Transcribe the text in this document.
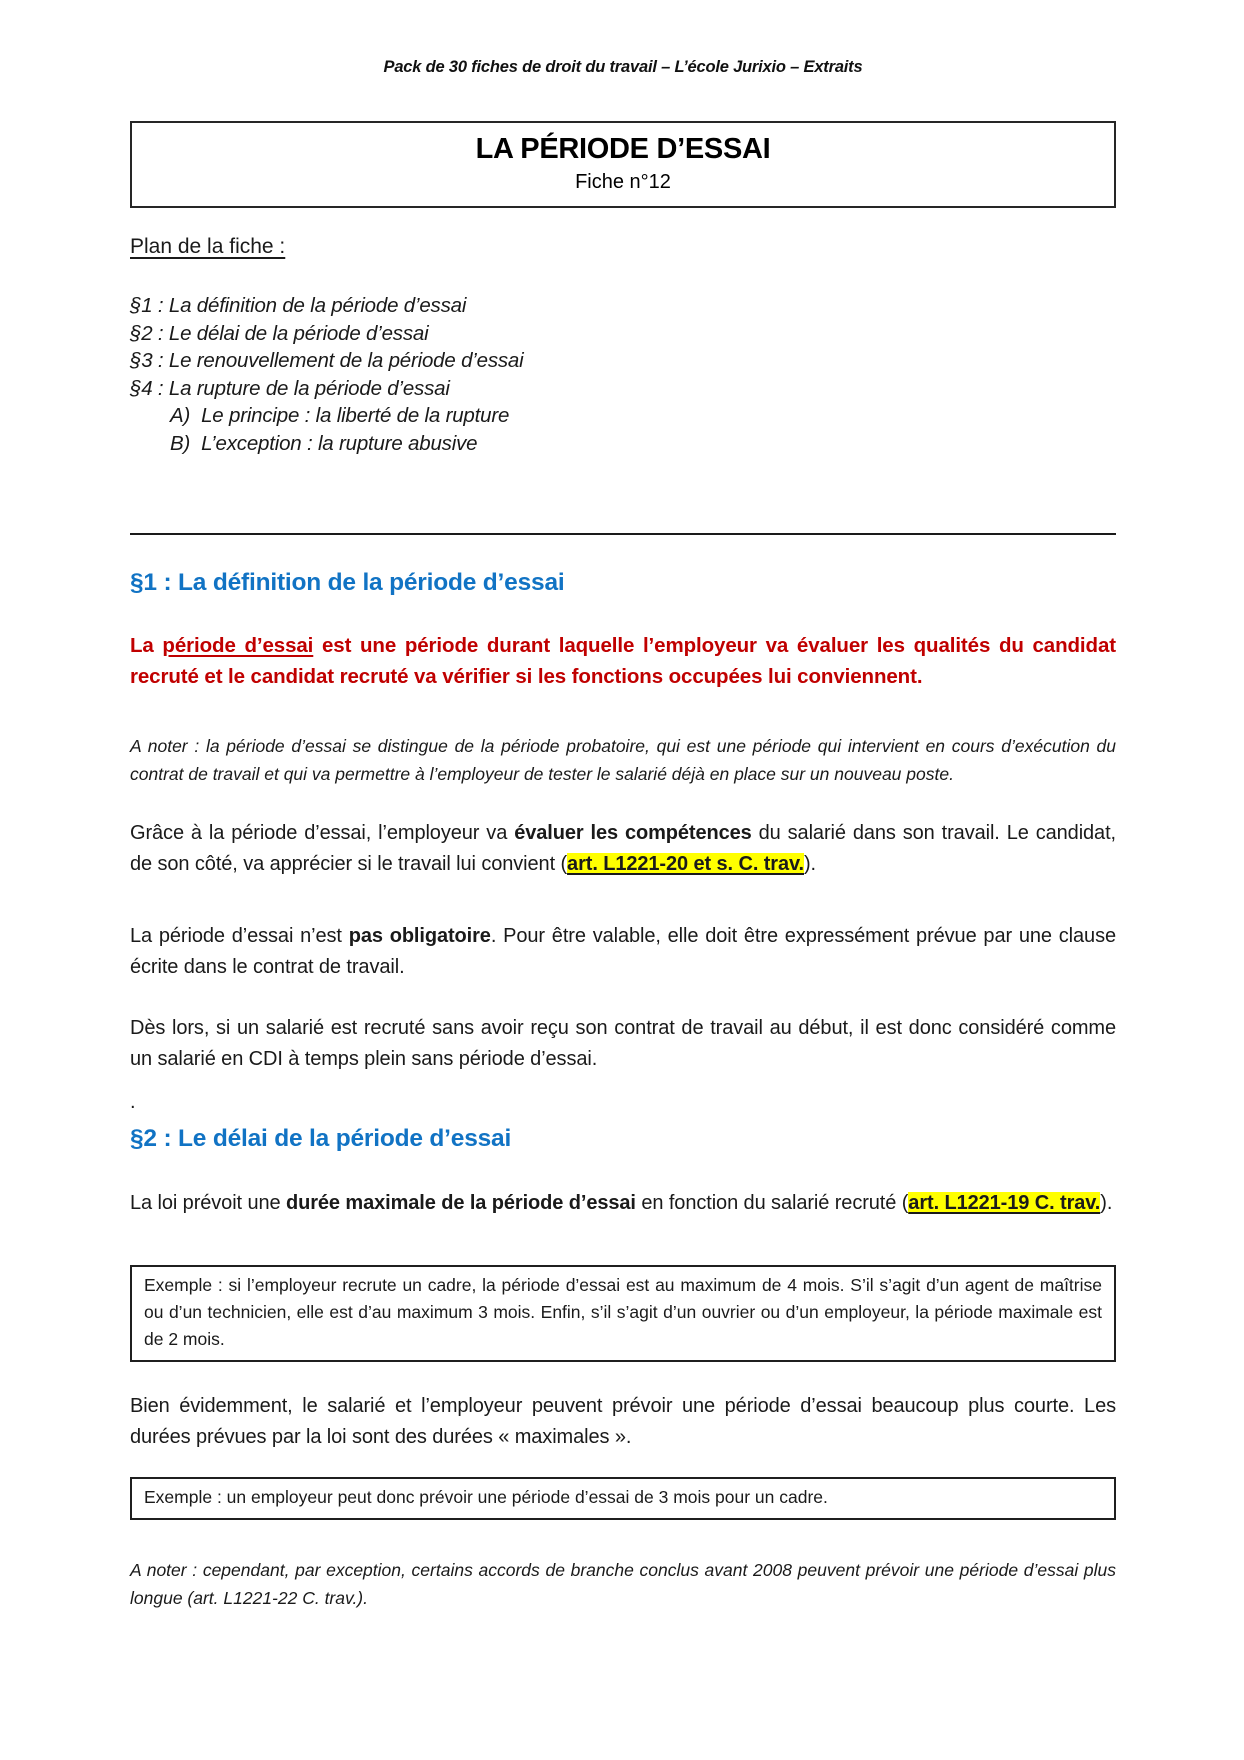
Pack de 30 fiches de droit du travail – L’école Jurixio – Extraits
LA PÉRIODE D’ESSAI
Fiche n°12
Plan de la fiche :
§1 : La définition de la période d’essai
§2 : Le délai de la période d’essai
§3 : Le renouvellement de la période d’essai
§4 : La rupture de la période d’essai
A)  Le principe : la liberté de la rupture
B)  L’exception : la rupture abusive
§1 : La définition de la période d’essai

La période d’essai est une période durant laquelle l’employeur va évaluer les qualités du candidat recruté et le candidat recruté va vérifier si les fonctions occupées lui conviennent.

A noter : la période d’essai se distingue de la période probatoire, qui est une période qui intervient en cours d’exécution du contrat de travail et qui va permettre à l’employeur de tester le salarié déjà en place sur un nouveau poste.

Grâce à la période d’essai, l’employeur va évaluer les compétences du salarié dans son travail. Le candidat, de son côté, va apprécier si le travail lui convient (art. L1221-20 et s. C. trav.).

La période d’essai n’est pas obligatoire. Pour être valable, elle doit être expressément prévue par une clause écrite dans le contrat de travail.

Dès lors, si un salarié est recruté sans avoir reçu son contrat de travail au début, il est donc considéré comme un salarié en CDI à temps plein sans période d’essai.

.

§2 : Le délai de la période d’essai

La loi prévoit une durée maximale de la période d’essai en fonction du salarié recruté (art. L1221-19 C. trav.).

Exemple : si l’employeur recrute un cadre, la période d’essai est au maximum de 4 mois. S’il s’agit d’un agent de maîtrise ou d’un technicien, elle est d’au maximum 3 mois. Enfin, s’il s’agit d’un ouvrier ou d’un employeur, la période maximale est de 2 mois.

Bien évidemment, le salarié et l’employeur peuvent prévoir une période d’essai beaucoup plus courte. Les durées prévues par la loi sont des durées « maximales ».

Exemple : un employeur peut donc prévoir une période d’essai de 3 mois pour un cadre.

A noter : cependant, par exception, certains accords de branche conclus avant 2008 peuvent prévoir une période d’essai plus longue (art. L1221-22 C. trav.).
